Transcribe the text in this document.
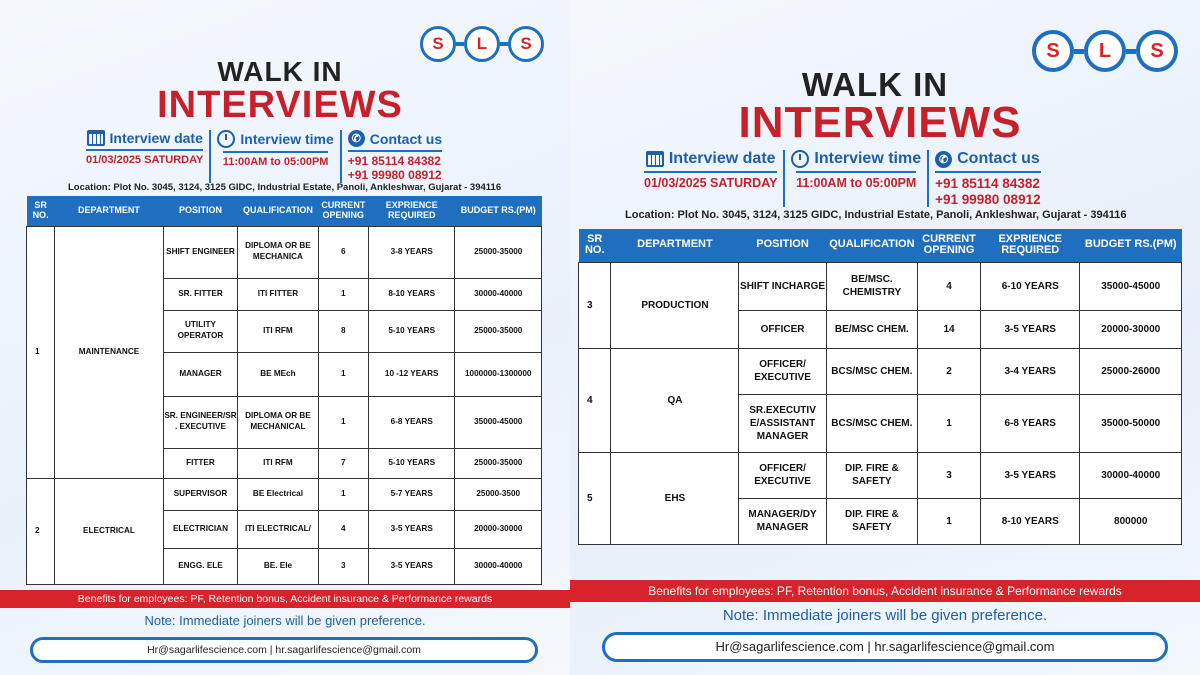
S	L	S
WALK IN
INTERVIEWS
Interview date
01/03/2025 SATURDAY
Interview time
11:00AM to 05:00PM
✆ Contact us
+91 85114 84382
+91 99980 08912
Location: Plot No. 3045, 3124, 3125 GIDC, Industrial Estate, Panoli, Ankleshwar, Gujarat - 394116
SR NO.	DEPARTMENT	POSITION	QUALIFICATION	CURRENT OPENING	EXPRIENCE REQUIRED	BUDGET RS.(PM)
1	MAINTENANCE	SHIFT ENGINEER	DIPLOMA OR BE MECHANICA	6	3-8 YEARS	25000-35000
		SR. FITTER	ITI FITTER	1	8-10 YEARS	30000-40000
		UTILITY OPERATOR	ITI RFM	8	5-10 YEARS	25000-35000
		MANAGER	BE MEch	1	10 -12 YEARS	1000000-1300000
		SR. ENGINEER/SR . EXECUTIVE	DIPLOMA OR BE MECHANICAL	1	6-8 YEARS	35000-45000
		FITTER	ITI RFM	7	5-10 YEARS	25000-35000
2	ELECTRICAL	SUPERVISOR	BE Electrical	1	5-7 YEARS	25000-3500
		ELECTRICIAN	ITI ELECTRICAL/	4	3-5 YEARS	20000-30000
		ENGG. ELE	BE. Ele	3	3-5 YEARS	30000-40000
Benefits for employees: PF, Retention bonus, Accident insurance & Performance rewards
Note: Immediate joiners will be given preference.
Hr@sagarlifescience.com | hr.sagarlifescience@gmail.com
S	L	S
WALK IN
INTERVIEWS
Interview date
01/03/2025 SATURDAY
Interview time
11:00AM to 05:00PM
✆ Contact us
+91 85114 84382
+91 99980 08912
Location: Plot No. 3045, 3124, 3125 GIDC, Industrial Estate, Panoli, Ankleshwar, Gujarat - 394116
SR NO.	DEPARTMENT	POSITION	QUALIFICATION	CURRENT OPENING	EXPRIENCE REQUIRED	BUDGET RS.(PM)
3	PRODUCTION	SHIFT INCHARGE	BE/MSC. CHEMISTRY	4	6-10 YEARS	35000-45000
		OFFICER	BE/MSC CHEM.	14	3-5 YEARS	20000-30000
4	QA	OFFICER/ EXECUTIVE	BCS/MSC CHEM.	2	3-4 YEARS	25000-26000
		SR.EXECUTIV E/ASSISTANT MANAGER	BCS/MSC CHEM.	1	6-8 YEARS	35000-50000
5	EHS	OFFICER/ EXECUTIVE	DIP. FIRE & SAFETY	3	3-5 YEARS	30000-40000
		MANAGER/DY MANAGER	DIP. FIRE & SAFETY	1	8-10 YEARS	800000
Benefits for employees: PF, Retention bonus, Accident insurance & Performance rewards
Note: Immediate joiners will be given preference.
Hr@sagarlifescience.com | hr.sagarlifescience@gmail.com
